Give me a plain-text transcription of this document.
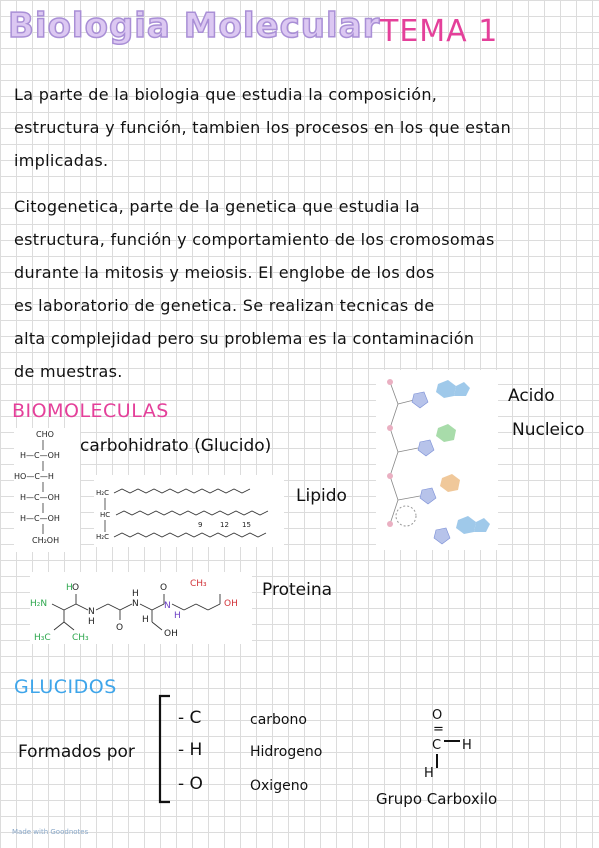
Biologia Molecular TEMA 1
La parte de la biologia que estudia la composición,
estructura y función, tambien los procesos en los que estan
implicadas.
Citogenetica, parte de la genetica que estudia la
estructura, función y comportamiento de los cromosomas
durante la mitosis y meiosis. El englobe de los dos
es laboratorio de genetica. Se realizan tecnicas de
alta complejidad pero su problema es la contaminación
de muestras.
BIOMOLECULAS
CHO
H—C—OH
HO—C—H
H—C—OH
H—C—OH
CH₂OH
carbohidrato (Glucido)
H₂C
HC
H₂C
9	12 15
Lipido
Acido
Nucleico
H₂N
H
N
H
O
O
N
O
H
N
H
OH
CH₃
H₃C CH₃	OH
H
Proteina
GLUCIDOS
Formados por
- C	carbono
- H	Hidrogeno
- O	Oxigeno
O
=
C H
H
Grupo Carboxilo
Made with Goodnotes
